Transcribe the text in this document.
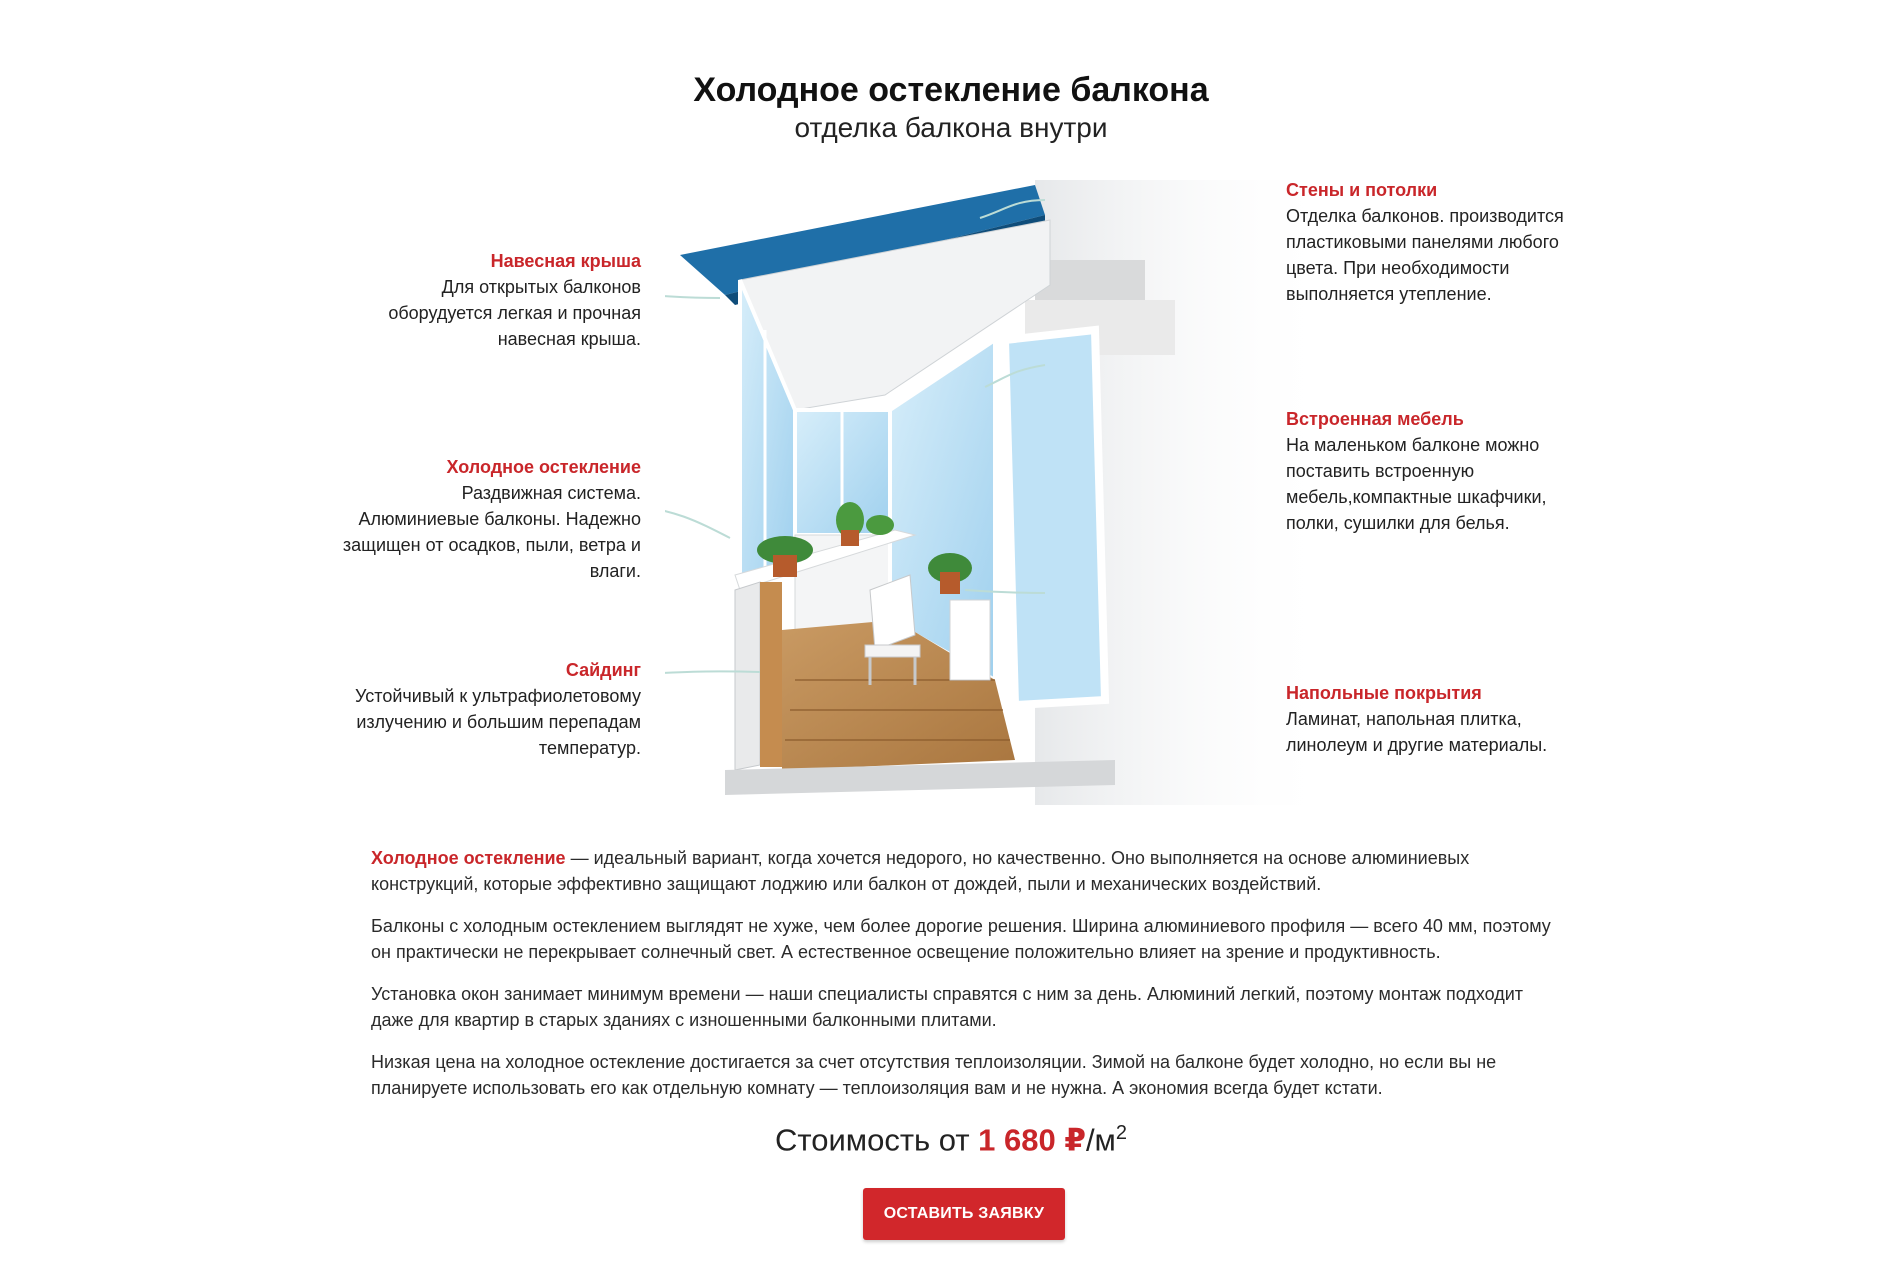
Холодное остекление балкона
отделка балкона внутри
Навесная крыша
Для открытых балконов оборудуется легкая и прочная навесная крыша.
Холодное остекление
Раздвижная система. Алюминиевые балконы. Надежно защищен от осадков, пыли, ветра и влаги.
Сайдинг
Устойчивый к ультрафиолетовому излучению и большим перепадам температур.
Стены и потолки
Отделка балконов. производится пластиковыми панелями любого цвета. При необходимости выполняется утепление.
Встроенная мебель
На маленьком балконе можно поставить встроенную мебель,компактные шкафчики, полки, сушилки для белья.
Напольные покрытия
Ламинат, напольная плитка, линолеум и другие материалы.

Холодное остекление — идеальный вариант, когда хочется недорого, но качественно. Оно выполняется на основе алюминиевых конструкций, которые эффективно защищают лоджию или балкон от дождей, пыли и механических воздействий.

Балконы с холодным остеклением выглядят не хуже, чем более дорогие решения. Ширина алюминиевого профиля — всего 40 мм, поэтому он практически не перекрывает солнечный свет. А естественное освещение положительно влияет на зрение и продуктивность.

Установка окон занимает минимум времени — наши специалисты справятся с ним за день. Алюминий легкий, поэтому монтаж подходит даже для квартир в старых зданиях с изношенными балконными плитами.

Низкая цена на холодное остекление достигается за счет отсутствия теплоизоляции. Зимой на балконе будет холодно, но если вы не планируете использовать его как отдельную комнату — теплоизоляция вам и не нужна. А экономия всегда будет кстати.

Стоимость от 1 680 $₽/м^2$
ОСТАВИТЬ ЗАЯВКУ
